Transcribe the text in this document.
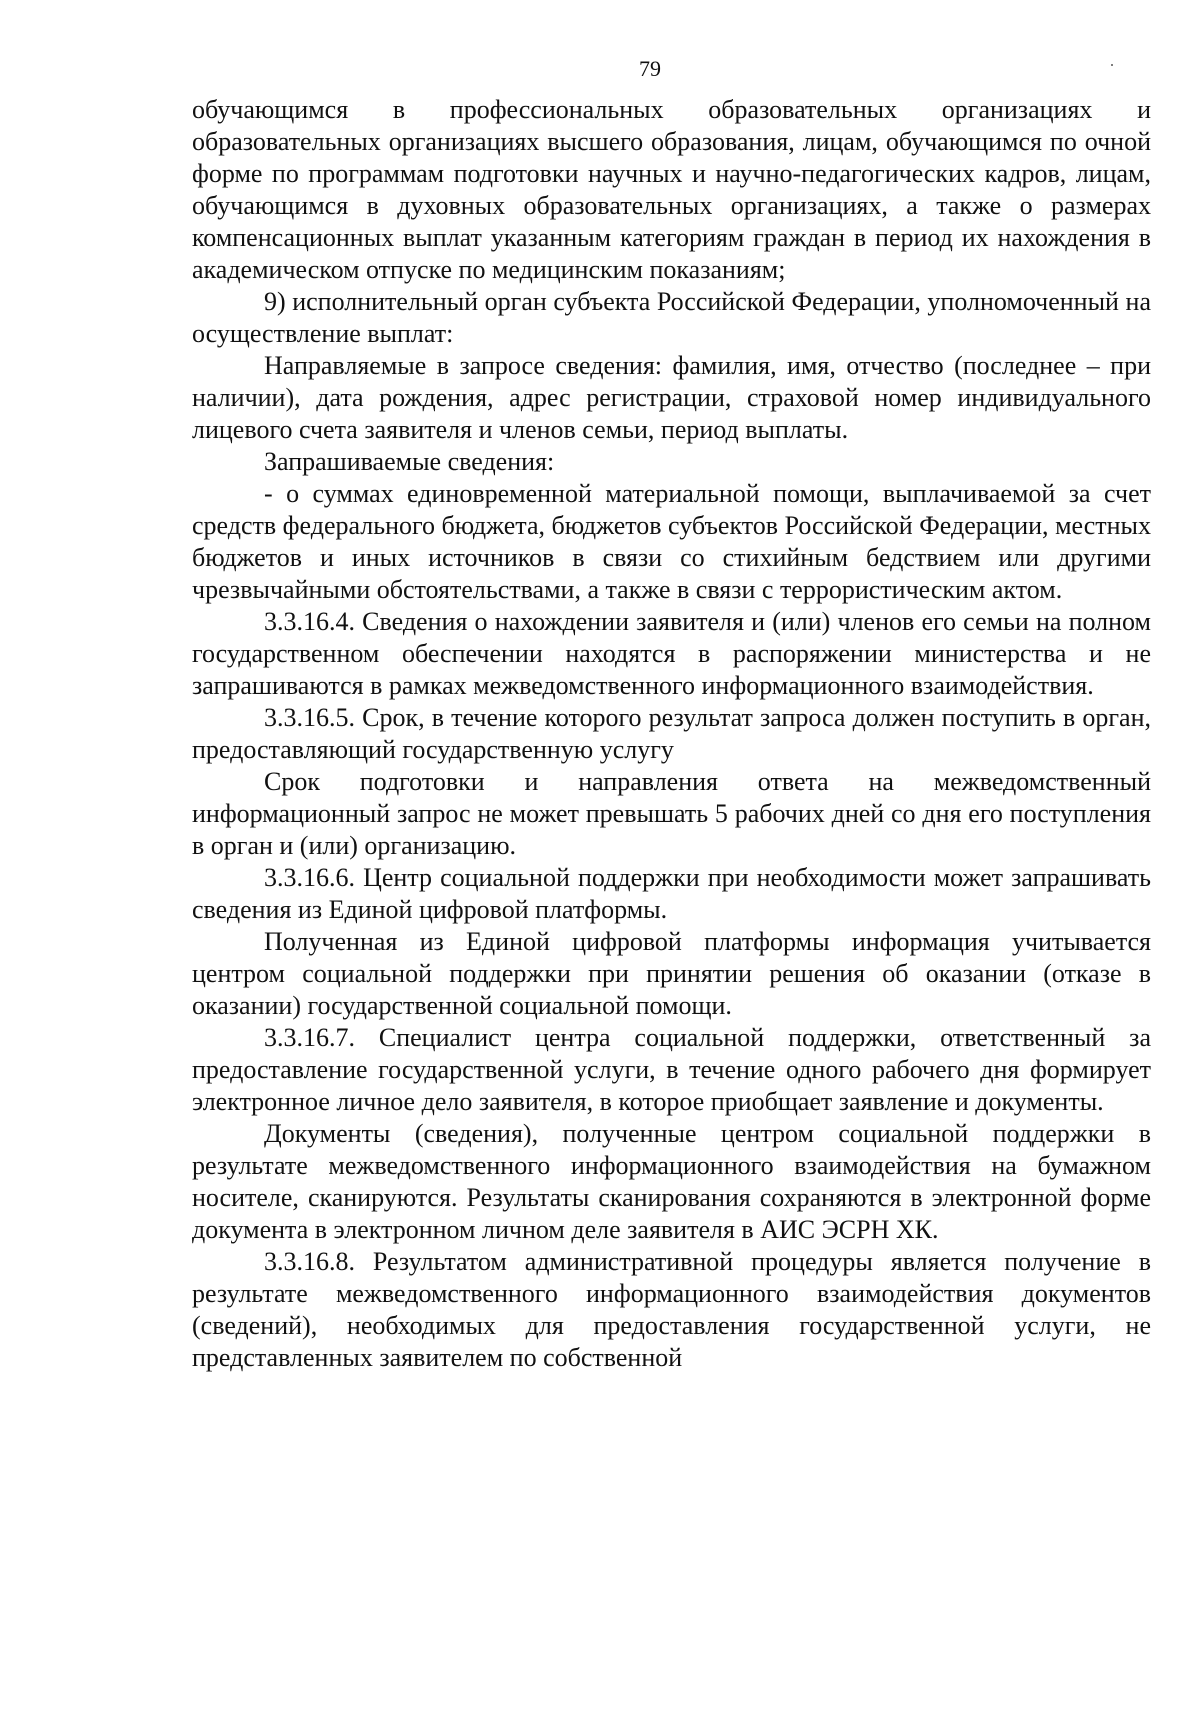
79

обучающимся в профессиональных образовательных организациях и образовательных организациях высшего образования, лицам, обучающимся по очной форме по программам подготовки научных и научно-педагогических кадров, лицам, обучающимся в духовных образовательных организациях, а также о размерах компенсационных выплат указанным категориям граждан в период их нахождения в академическом отпуске по медицинским показаниям;

9) исполнительный орган субъекта Российской Федерации, уполномоченный на осуществление выплат:

Направляемые в запросе сведения: фамилия, имя, отчество (последнее – при наличии), дата рождения, адрес регистрации, страховой номер индивидуального лицевого счета заявителя и членов семьи, период выплаты.

Запрашиваемые сведения:

- о суммах единовременной материальной помощи, выплачиваемой за счет средств федерального бюджета, бюджетов субъектов Российской Федерации, местных бюджетов и иных источников в связи со стихийным бедствием или другими чрезвычайными обстоятельствами, а также в связи с террористическим актом.

3.3.16.4. Сведения о нахождении заявителя и (или) членов его семьи на полном государственном обеспечении находятся в распоряжении министерства и не запрашиваются в рамках межведомственного информационного взаимодействия.

3.3.16.5. Срок, в течение которого результат запроса должен поступить в орган, предоставляющий государственную услугу

Срок подготовки и направления ответа на межведомственный информационный запрос не может превышать 5 рабочих дней со дня его поступления в орган и (или) организацию.

3.3.16.6. Центр социальной поддержки при необходимости может запрашивать сведения из Единой цифровой платформы.

Полученная из Единой цифровой платформы информация учитывается центром социальной поддержки при принятии решения об оказании (отказе в оказании) государственной социальной помощи.

3.3.16.7. Специалист центра социальной поддержки, ответственный за предоставление государственной услуги, в течение одного рабочего дня формирует электронное личное дело заявителя, в которое приобщает заявление и документы.

Документы (сведения), полученные центром социальной поддержки в результате межведомственного информационного взаимодействия на бумажном носителе, сканируются. Результаты сканирования сохраняются в электронной форме документа в электронном личном деле заявителя в АИС ЭСРН ХК.

3.3.16.8. Результатом административной процедуры является получение в результате межведомственного информационного взаимодействия документов (сведений), необходимых для предоставления государственной услуги, не представленных заявителем по собственной
